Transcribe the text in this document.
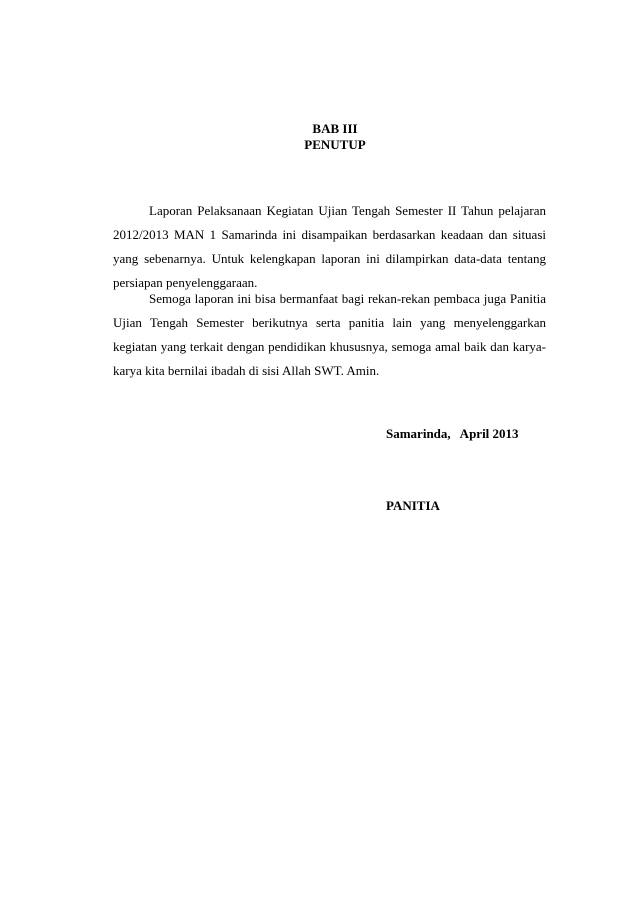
BAB III
PENUTUP

Laporan Pelaksanaan Kegiatan Ujian Tengah Semester II Tahun pelajaran 2012/2013 MAN 1 Samarinda ini disampaikan berdasarkan keadaan dan situasi yang sebenarnya. Untuk kelengkapan laporan ini dilampirkan data-data tentang persiapan penyelenggaraan.

Semoga laporan ini bisa bermanfaat bagi rekan-rekan pembaca juga Panitia Ujian Tengah Semester berikutnya serta panitia lain yang menyelenggarkan kegiatan yang terkait dengan pendidikan khususnya, semoga amal baik dan karya-karya kita bernilai ibadah di sisi Allah SWT. Amin.

Samarinda,   April 2013
PANITIA
